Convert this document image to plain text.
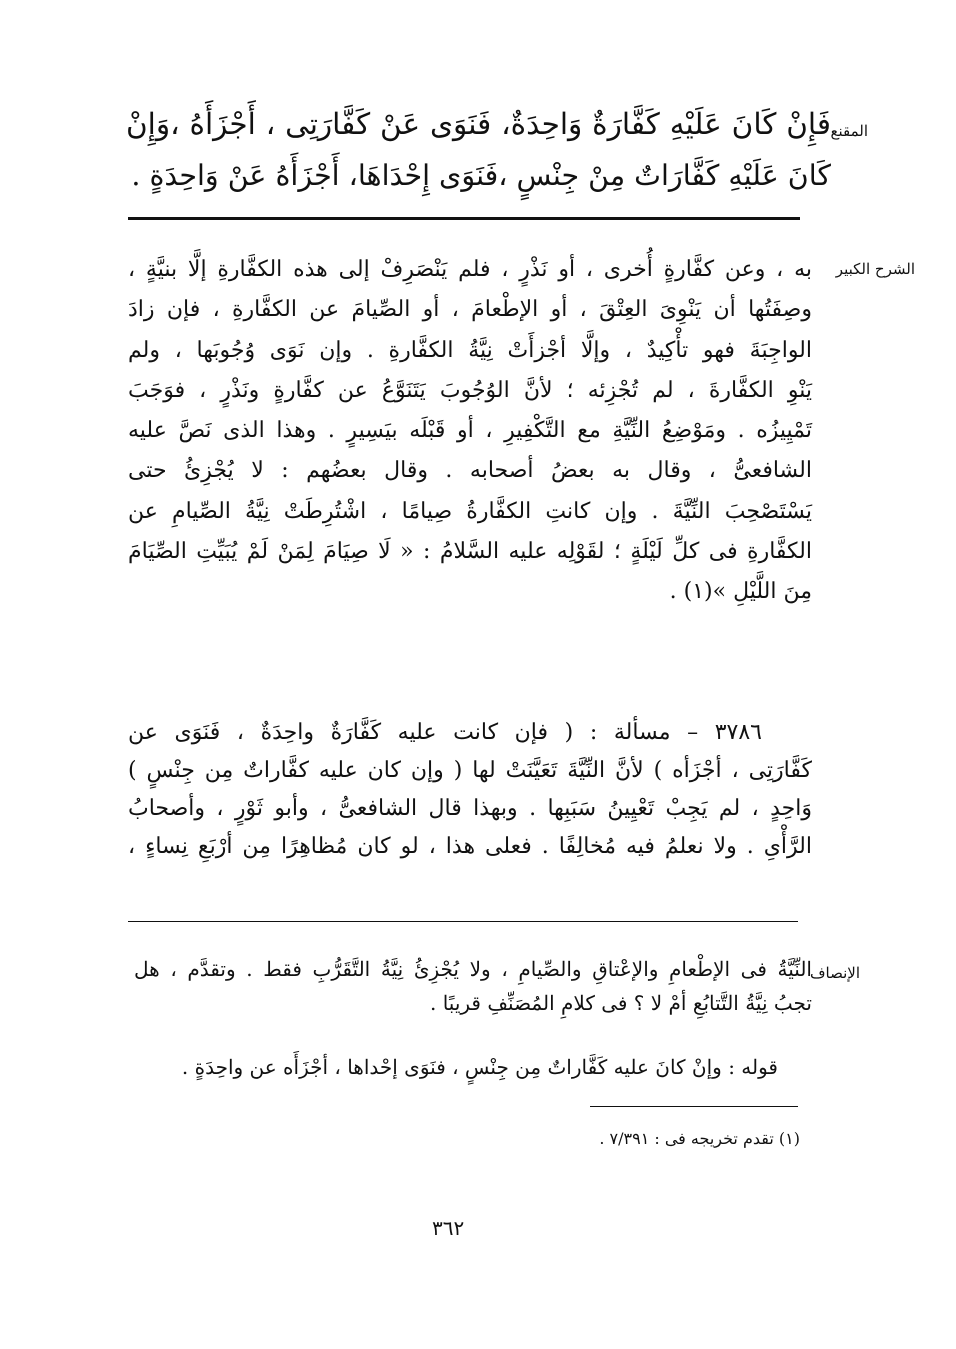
المقنع
فَإِنْ كَانَ عَلَيْهِ كَفَّارَةٌ وَاحِدَةٌ، فَنَوَى عَنْ كَفَّارَتِى ، أَجْزَأَهُ ،وَإِنْ
كَانَ عَلَيْهِ كَفَّارَاتٌ مِنْ جِنْسٍ ،فَنَوَى إِحْدَاهَا، أَجْزَأَهُ عَنْ وَاحِدَةٍ .
الشرح الكبير
به ، وعن كفَّارةٍ أُخرى ، أو نَذْرٍ ، فلم يَنْصَرِفْ إلى هذه الكفَّارةِ إلَّا بنيَّةٍ ،
وصِفَتُها أن يَنْوِىَ العِتْقَ ، أو الإطْعامَ ، أو الصِّيامَ عن الكفَّارةِ ، فإن زادَ
الواجِبَةَ فهو تأْكِيدٌ ، وإلَّا أجْزأَتْ نِيَّةُ الكفَّارةِ . وإن نَوَى وُجُوبَها ، ولم
يَنْوِ الكفَّارةَ ، لم تُجْزِئه ؛ لأنَّ الوُجُوبَ يَتَنَوَّعُ عن كفَّارةٍ ونَذْرٍ ، فوَجَبَ
تَمْيِيزُه . ومَوْضِعُ النِّيَّةِ مع التَّكْفِيرِ ، أو قَبْلَه بيَسِيرٍ . وهذا الذى نَصَّ عليه
الشافعىُّ ، وقال به بعضُ أصحابه . وقال بعضُهم : لا يُجْزِئُ حتى
يَسْتَصْحِبَ النِّيَّةَ . وإن كانتِ الكفَّارةُ صِيامًا ، اشْتُرِطَتْ نِيَّةُ الصِّيامِ عن
الكفَّارةِ فى كلِّ لَيْلَةٍ ؛ لقَوْلِه عليه السَّلامُ : « لَا صِيَامَ لِمَنْ لَمْ يُبَيِّتِ الصِّيَامَ
مِنَ اللَّيْلِ »(١) .
٣٧٨٦ – مسألة : ( فإن كانت عليه كَفَّارَةٌ واحِدَةٌ ، فَنَوَى عن
كَفَّارَتِى ، أجْزَأه ) لأنَّ النِّيَّةَ تَعَيَّنَتْ لها ( وإن كان عليه كفَّاراتٌ مِن جِنْسٍ )
وَاحِدٍ ، لم يَجِبْ تَعْيِينُ سَبَبِها . وبهذا قال الشافعىُّ ، وأبو ثَوْرٍ ، وأصحابُ
الرَّأْىِ . ولا نعلمُ فيه مُخالِفًا . فعلى هذا ، لو كان مُظاهِرًا مِن أرْبَعِ نِساءٍ ،
الإنصاف
النِّيَّةُ فى الإطْعامِ والإعْتاقِ والصِّيامِ ، ولا يُجْزِئُ نِيَّةُ التَّقَرُّبِ فقط . وتقدَّم ، هل
تجبُ نِيَّةُ التَّتابُعِ أمْ لا ؟ فى كلامِ المُصَنِّفِ قريبًا .
قوله : وإنْ كانَ عليه كَفَّاراتٌ مِن جِنْسٍ ، فنَوَى إحْداها ، أجْزَأَه عن واحِدَةٍ .
(١) تقدم تخريجه فى : ٧/٣٩١ .
٣٦٢
